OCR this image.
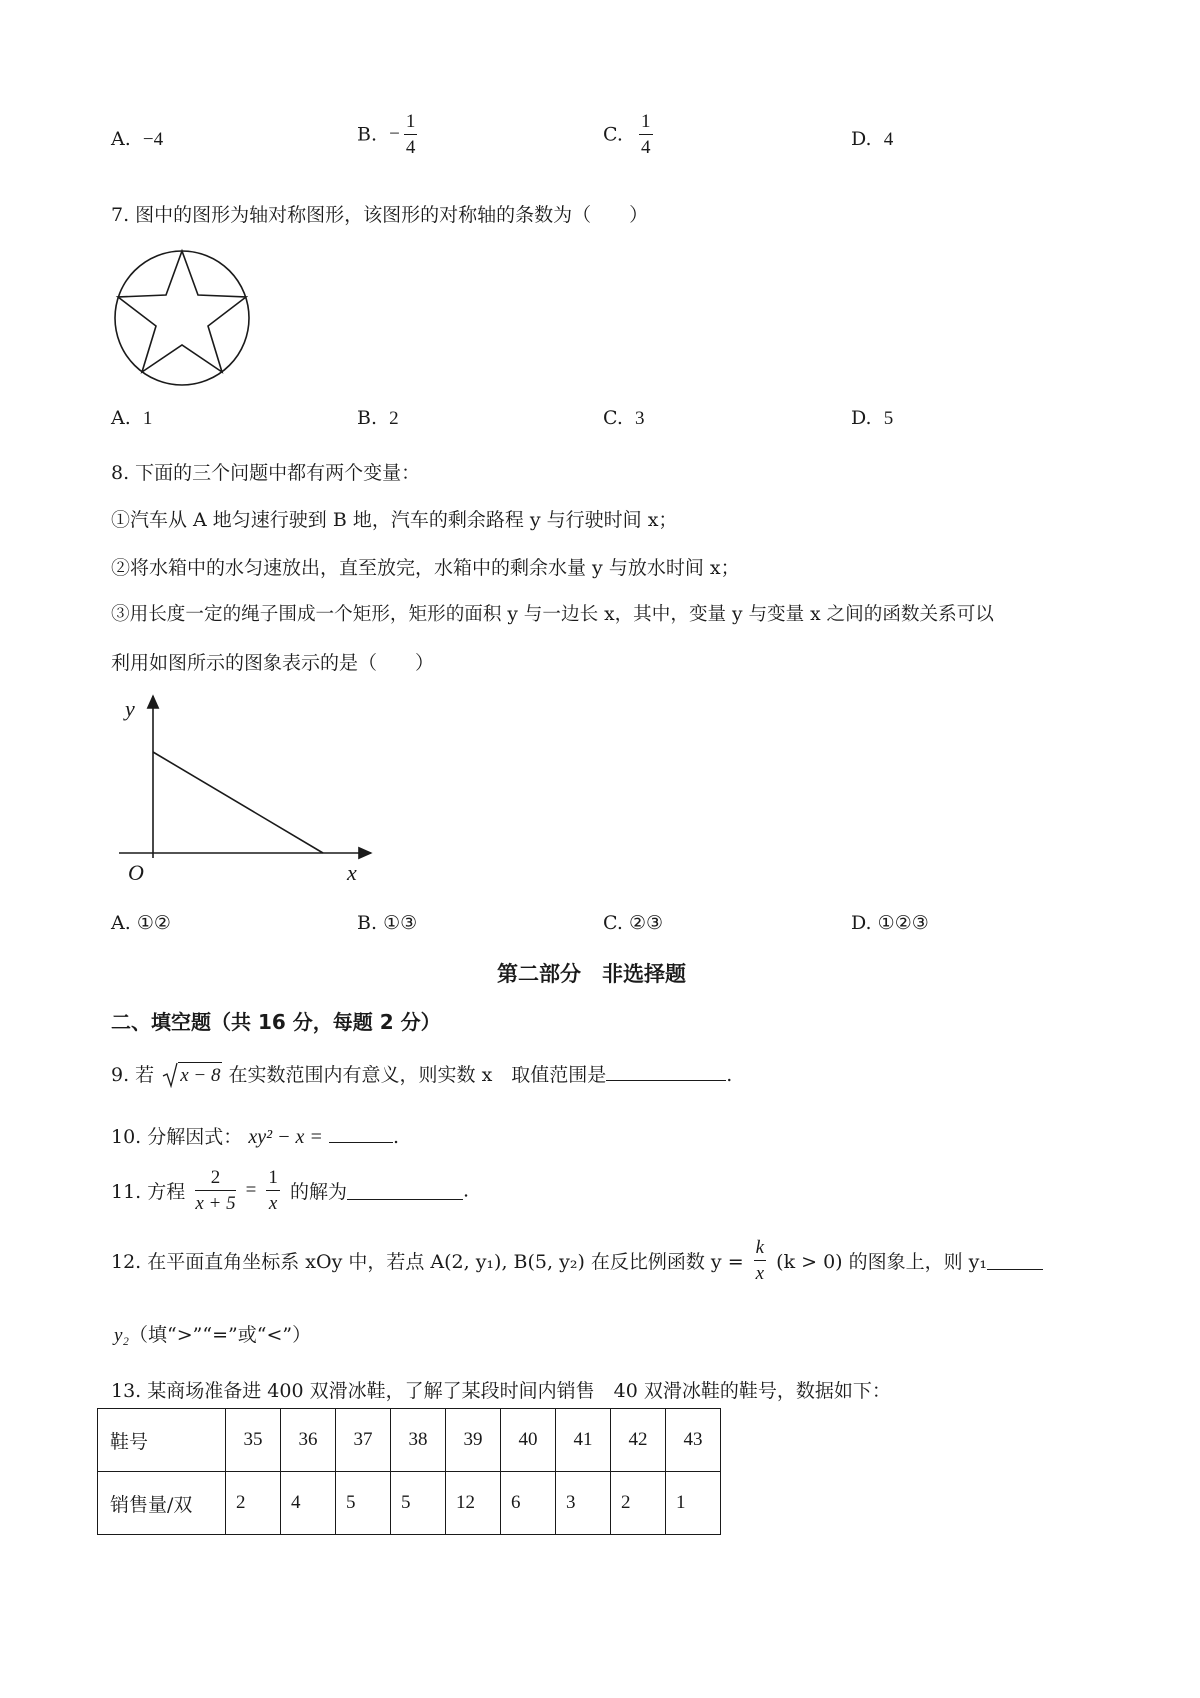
A. −4	B. − $\frac{1}{4}$	C. $\frac{1}{4}$	D. 4
7. 图中的图形为轴对称图形，该图形的对称轴的条数为（　　）
A. 1	B. 2	C. 3	D. 5
8. 下面的三个问题中都有两个变量：
①汽车从 A 地匀速行驶到 B 地，汽车的剩余路程 y 与行驶时间 x；
②将水箱中的水匀速放出，直至放完，水箱中的剩余水量 y 与放水时间 x；
③用长度一定的绳子围成一个矩形，矩形的面积 y 与一边长 x，其中，变量 y 与变量 x 之间的函数关系可以
利用如图所示的图象表示的是（　　）
y
x
O
A. ①②	B. ①③	C. ②③	D. ①②③
第二部分　非选择题
二、填空题（共 16 分，每题 2 分）
9. 若 x − 8 在实数范围内有意义，则实数 x　取值范围是	.
10. 分解因式： xy² − x =	.
11. 方程 $\frac{2}{x + 5} = \frac{1}{x}$ 的解为	.
12. 在平面直角坐标系 xOy 中，若点 A(2, y₁), B(5, y₂) 在反比例函数 $y = \frac{k}{x} (k > 0)$ 的图象上，则 y₁
y₂（填“>”“=”或“<”）
13. 某商场准备进 400 双滑冰鞋，了解了某段时间内销售　40 双滑冰鞋的鞋号，数据如下：
鞋号	35	36	37	38	39	40	41	42	43
销售量/双	2	4	5	5	12	6	3	2	1
